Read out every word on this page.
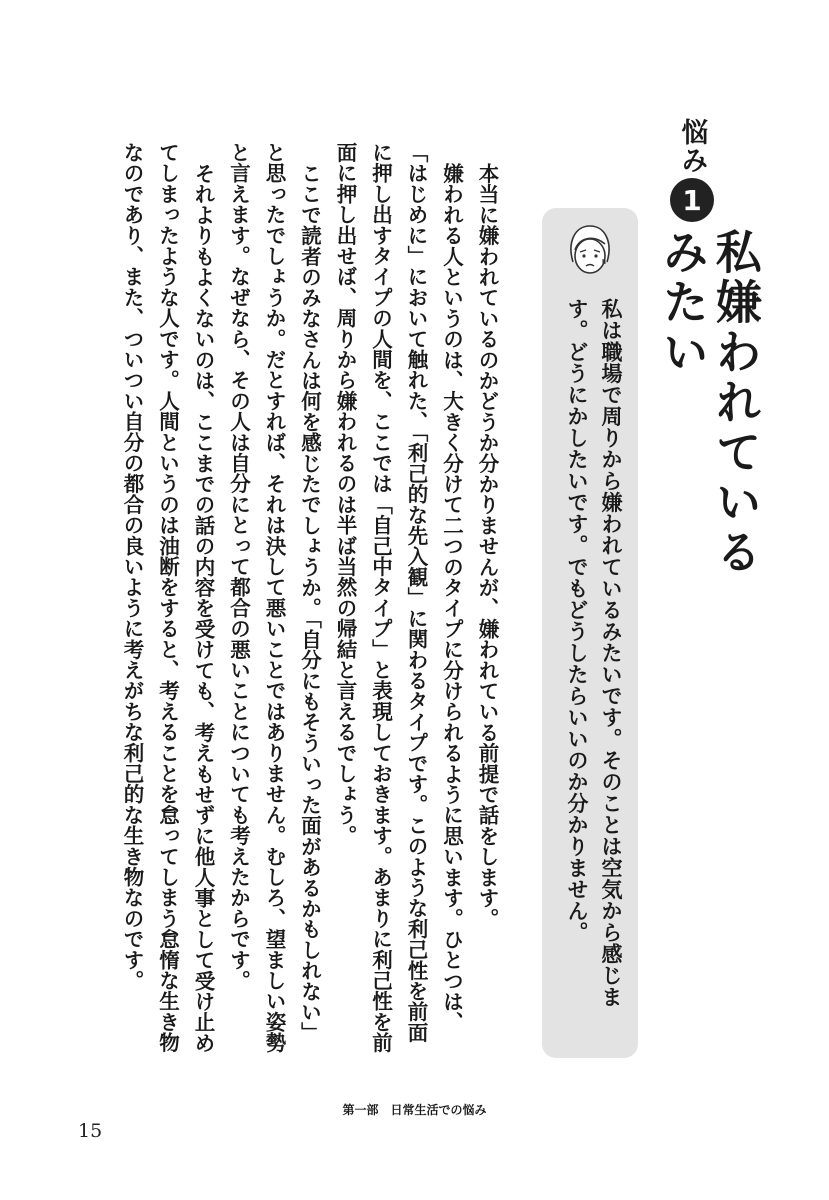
悩み
1
私嫌われているみたい

私は職場で周りから嫌われているみたいです。そのことは空気から感じます。どうにかしたいです。でもどうしたらいいのか分かりません。

本当に嫌われているのかどうか分かりませんが、嫌われている前提で話をします。

嫌われる人というのは、大きく分けて二つのタイプに分けられるように思います。ひとつは、「はじめに」において触れた、「利己的な先入観」に関わるタイプです。このような利己性を前面に押し出すタイプの人間を、ここでは「自己中タイプ」と表現しておきます。あまりに利己性を前面に押し出せば、周りから嫌われるのは半ば当然の帰結と言えるでしょう。

ここで読者のみなさんは何を感じたでしょうか。「自分にもそういった面があるかもしれない」と思ったでしょうか。だとすれば、それは決して悪いことではありません。むしろ、望ましい姿勢と言えます。なぜなら、その人は自分にとって都合の悪いことについても考えたからです。

それよりもよくないのは、ここまでの話の内容を受けても、考えもせずに他人事として受け止めてしまったような人です。人間というのは油断をすると、考えることを怠ってしまう怠惰な生き物なのであり、また、ついつい自分の都合の良いように考えがちな利己的な生き物なのです。

第一部　日常生活での悩み
15
